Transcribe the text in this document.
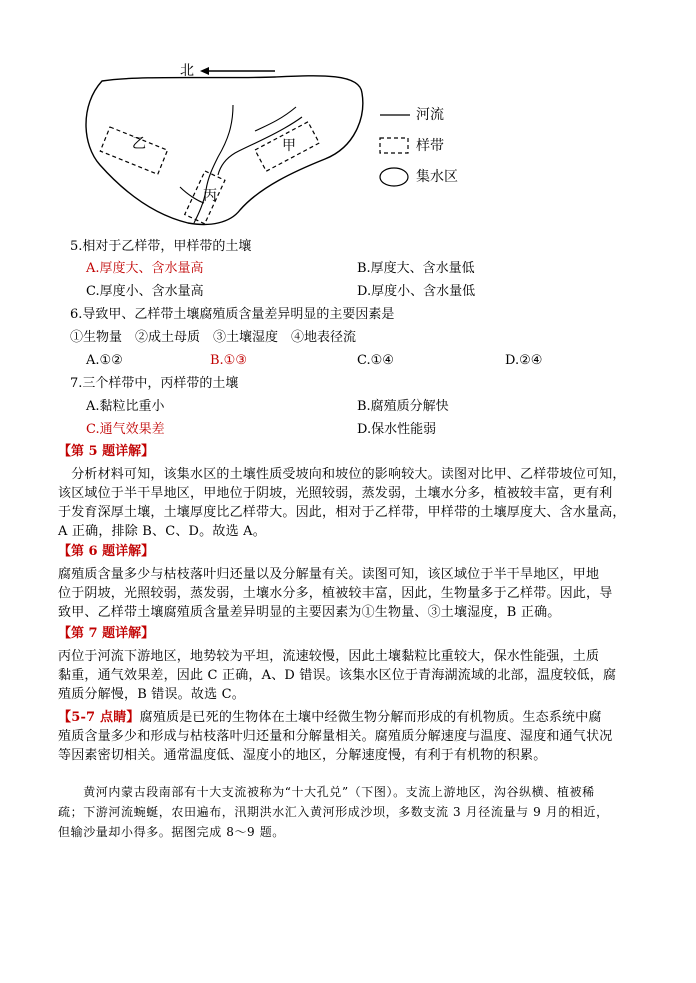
北
乙	甲
丙
河流
样带
集水区
5.相对于乙样带，甲样带的土壤
A.厚度大、含水量高	B.厚度大、含水量低
C.厚度小、含水量高	D.厚度小、含水量低
6.导致甲、乙样带土壤腐殖质含量差异明显的主要因素是
①生物量　②成土母质　③土壤湿度　④地表径流
A.①②	B.①③	C.①④	D.②④
7.三个样带中，丙样带的土壤
A.黏粒比重小	B.腐殖质分解快
C.通气效果差	D.保水性能弱
【第 5 题详解】
　分析材料可知，该集水区的土壤性质受坡向和坡位的影响较大。读图对比甲、乙样带坡位可知，
该区域位于半干旱地区，甲地位于阴坡，光照较弱，蒸发弱，土壤水分多，植被较丰富，更有利
于发育深厚土壤，土壤厚度比乙样带大。因此，相对于乙样带，甲样带的土壤厚度大、含水量高，
A 正确，排除 B、C、D。故选 A。
【第 6 题详解】
腐殖质含量多少与枯枝落叶归还量以及分解量有关。读图可知，该区域位于半干旱地区，甲地
位于阴坡，光照较弱，蒸发弱，土壤水分多，植被较丰富，因此，生物量多于乙样带。因此，导
致甲、乙样带土壤腐殖质含量差异明显的主要因素为①生物量、③土壤湿度，B 正确。
【第 7 题详解】
丙位于河流下游地区，地势较为平坦，流速较慢，因此土壤黏粒比重较大，保水性能强，土质
黏重，通气效果差，因此 C 正确，A、D 错误。该集水区位于青海湖流域的北部，温度较低，腐
殖质分解慢，B 错误。故选 C。
【5-7 点睛】腐殖质是已死的生物体在土壤中经微生物分解而形成的有机物质。生态系统中腐
殖质含量多少和形成与枯枝落叶归还量和分解量相关。腐殖质分解速度与温度、湿度和通气状况
等因素密切相关。通常温度低、湿度小的地区，分解速度慢，有利于有机物的积累。
　　黄河内蒙古段南部有十大支流被称为“十大孔兑”（下图）。支流上游地区，沟谷纵横、植被稀
疏；下游河流蜿蜒，农田遍布，汛期洪水汇入黄河形成沙坝，多数支流 3 月径流量与 9 月的相近，
但输沙量却小得多。据图完成 8～9 题。
